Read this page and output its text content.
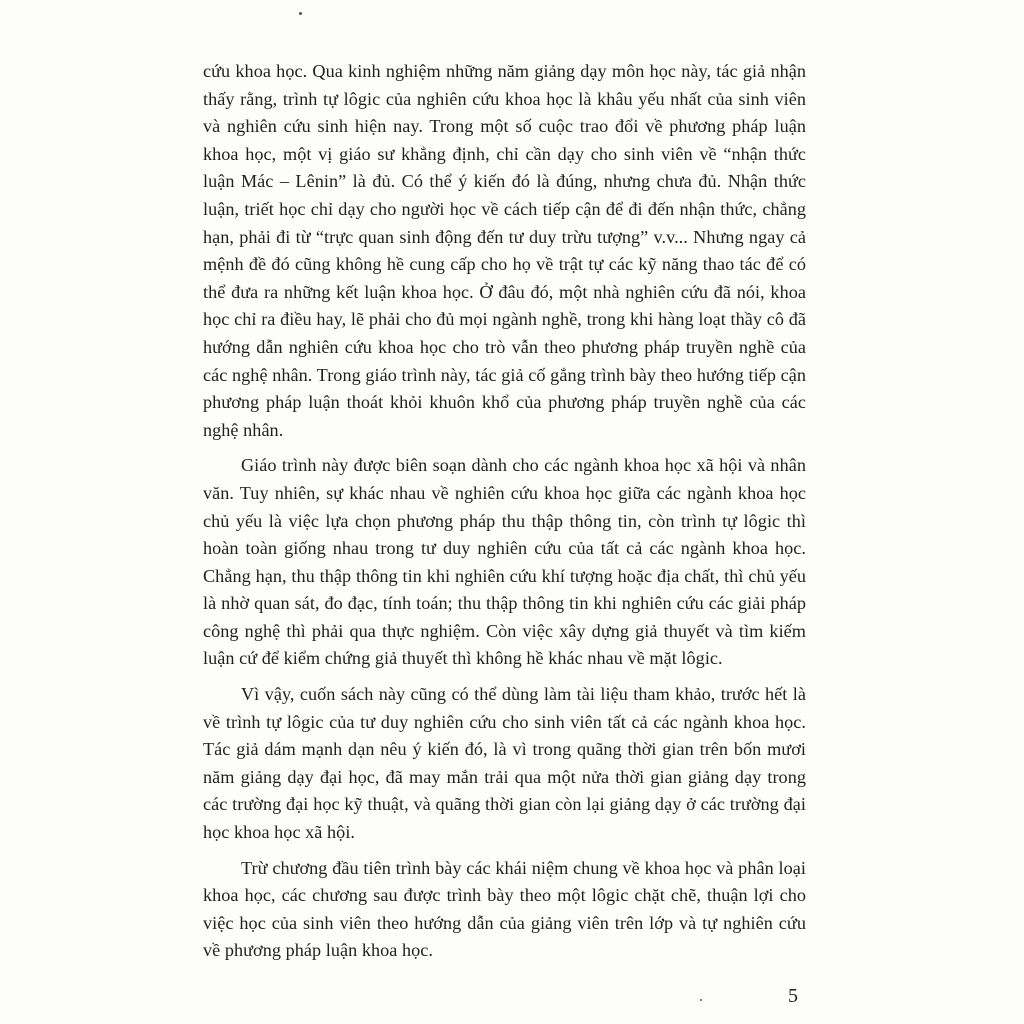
cứu khoa học. Qua kinh nghiệm những năm giảng dạy môn học này, tác giả nhận thấy rằng, trình tự lôgic của nghiên cứu khoa học là khâu yếu nhất của sinh viên và nghiên cứu sinh hiện nay. Trong một số cuộc trao đổi về phương pháp luận khoa học, một vị giáo sư khẳng định, chỉ cần dạy cho sinh viên về “nhận thức luận Mác – Lênin” là đủ. Có thể ý kiến đó là đúng, nhưng chưa đủ. Nhận thức luận, triết học chỉ dạy cho người học về cách tiếp cận để đi đến nhận thức, chẳng hạn, phải đi từ “trực quan sinh động đến tư duy trừu tượng” v.v... Nhưng ngay cả mệnh đề đó cũng không hề cung cấp cho họ về trật tự các kỹ năng thao tác để có thể đưa ra những kết luận khoa học. Ở đâu đó, một nhà nghiên cứu đã nói, khoa học chỉ ra điều hay, lẽ phải cho đủ mọi ngành nghề, trong khi hàng loạt thầy cô đã hướng dẫn nghiên cứu khoa học cho trò vẫn theo phương pháp truyền nghề của các nghệ nhân. Trong giáo trình này, tác giả cố gắng trình bày theo hướng tiếp cận phương pháp luận thoát khỏi khuôn khổ của phương pháp truyền nghề của các nghệ nhân.

Giáo trình này được biên soạn dành cho các ngành khoa học xã hội và nhân văn. Tuy nhiên, sự khác nhau về nghiên cứu khoa học giữa các ngành khoa học chủ yếu là việc lựa chọn phương pháp thu thập thông tin, còn trình tự lôgic thì hoàn toàn giống nhau trong tư duy nghiên cứu của tất cả các ngành khoa học. Chẳng hạn, thu thập thông tin khi nghiên cứu khí tượng hoặc địa chất, thì chủ yếu là nhờ quan sát, đo đạc, tính toán; thu thập thông tin khi nghiên cứu các giải pháp công nghệ thì phải qua thực nghiệm. Còn việc xây dựng giả thuyết và tìm kiếm luận cứ để kiểm chứng giả thuyết thì không hề khác nhau về mặt lôgic.

Vì vậy, cuốn sách này cũng có thể dùng làm tài liệu tham khảo, trước hết là về trình tự lôgic của tư duy nghiên cứu cho sinh viên tất cả các ngành khoa học. Tác giả dám mạnh dạn nêu ý kiến đó, là vì trong quãng thời gian trên bốn mươi năm giảng dạy đại học, đã may mắn trải qua một nửa thời gian giảng dạy trong các trường đại học kỹ thuật, và quãng thời gian còn lại giảng dạy ở các trường đại học khoa học xã hội.

Trừ chương đầu tiên trình bày các khái niệm chung về khoa học và phân loại khoa học, các chương sau được trình bày theo một lôgic chặt chẽ, thuận lợi cho việc học của sinh viên theo hướng dẫn của giảng viên trên lớp và tự nghiên cứu về phương pháp luận khoa học.

5
